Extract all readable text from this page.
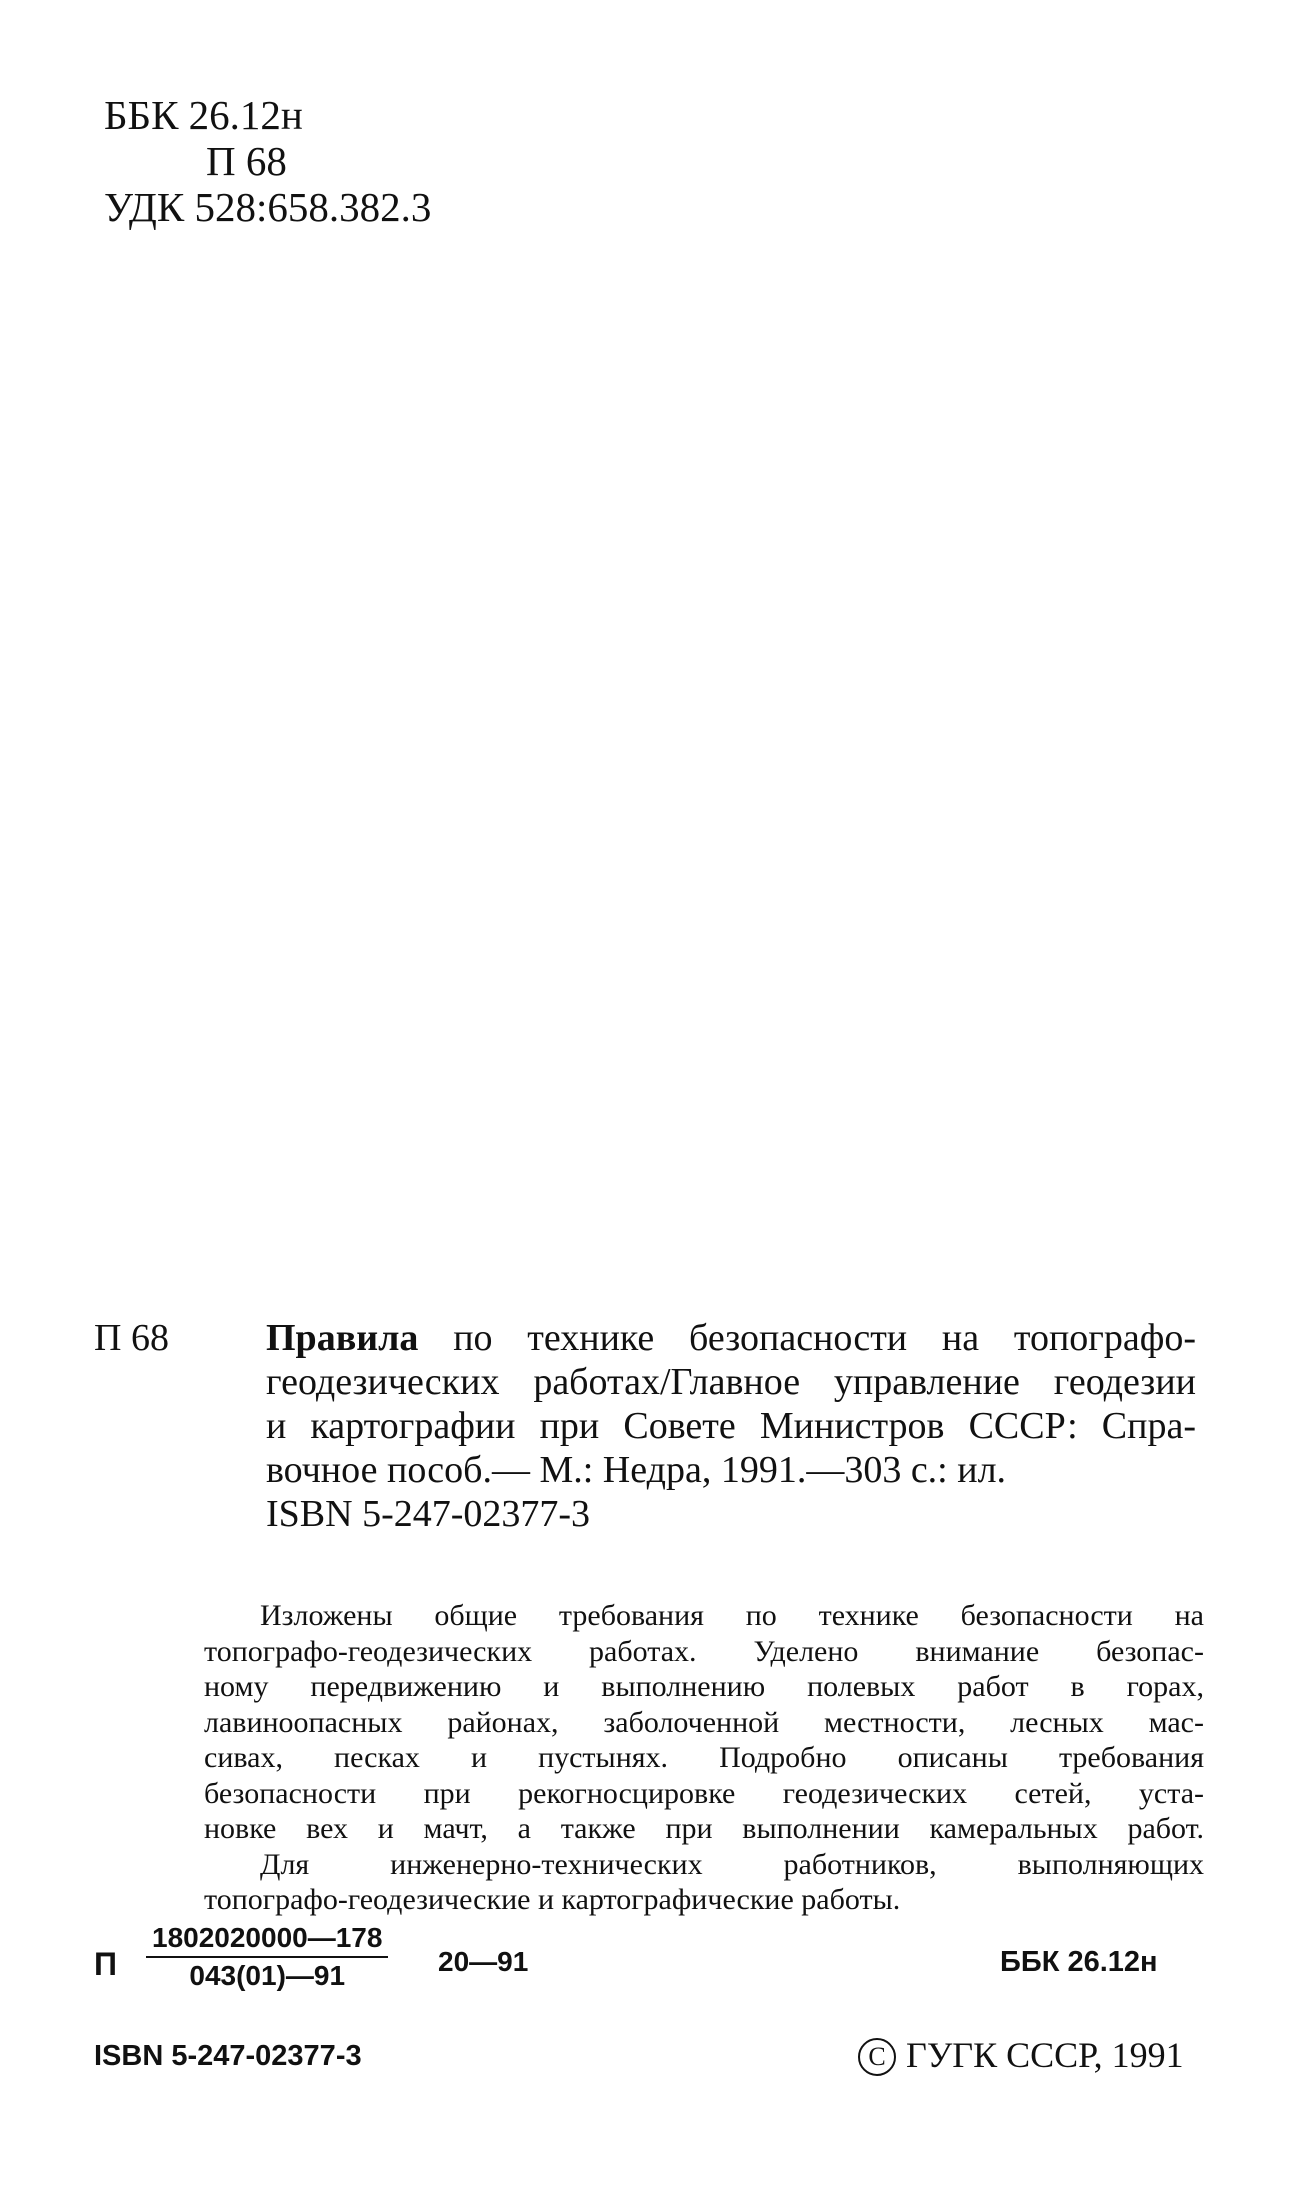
ББК 26.12н
П 68
УДК 528:658.382.3
П 68	Правила по технике безопасности на топографо-
геодезических работах/Главное управление геодезии
и картографии при Совете Министров СССР: Спра-
вочное пособ.— М.: Недра, 1991.—303 с.: ил.
ISBN 5-247-02377-3
Изложены общие требования по технике безопасности на
топографо-геодезических работах. Уделено внимание безопас-
ному передвижению и выполнению полевых работ в горах,
лавиноопасных районах, заболоченной местности, лесных мас-
сивах, песках и пустынях. Подробно описаны требования
безопасности при рекогносцировке геодезических сетей, уста-
новке вех и мачт, а также при выполнении камеральных работ.
Для инженерно-технических работников, выполняющих
топографо-геодезические и картографические работы.
П $\frac{1802020000—178}{043(01)—91}$ 20—91	ББК 26.12н
ISBN 5-247-02377-3	C ГУГК СССР, 1991
